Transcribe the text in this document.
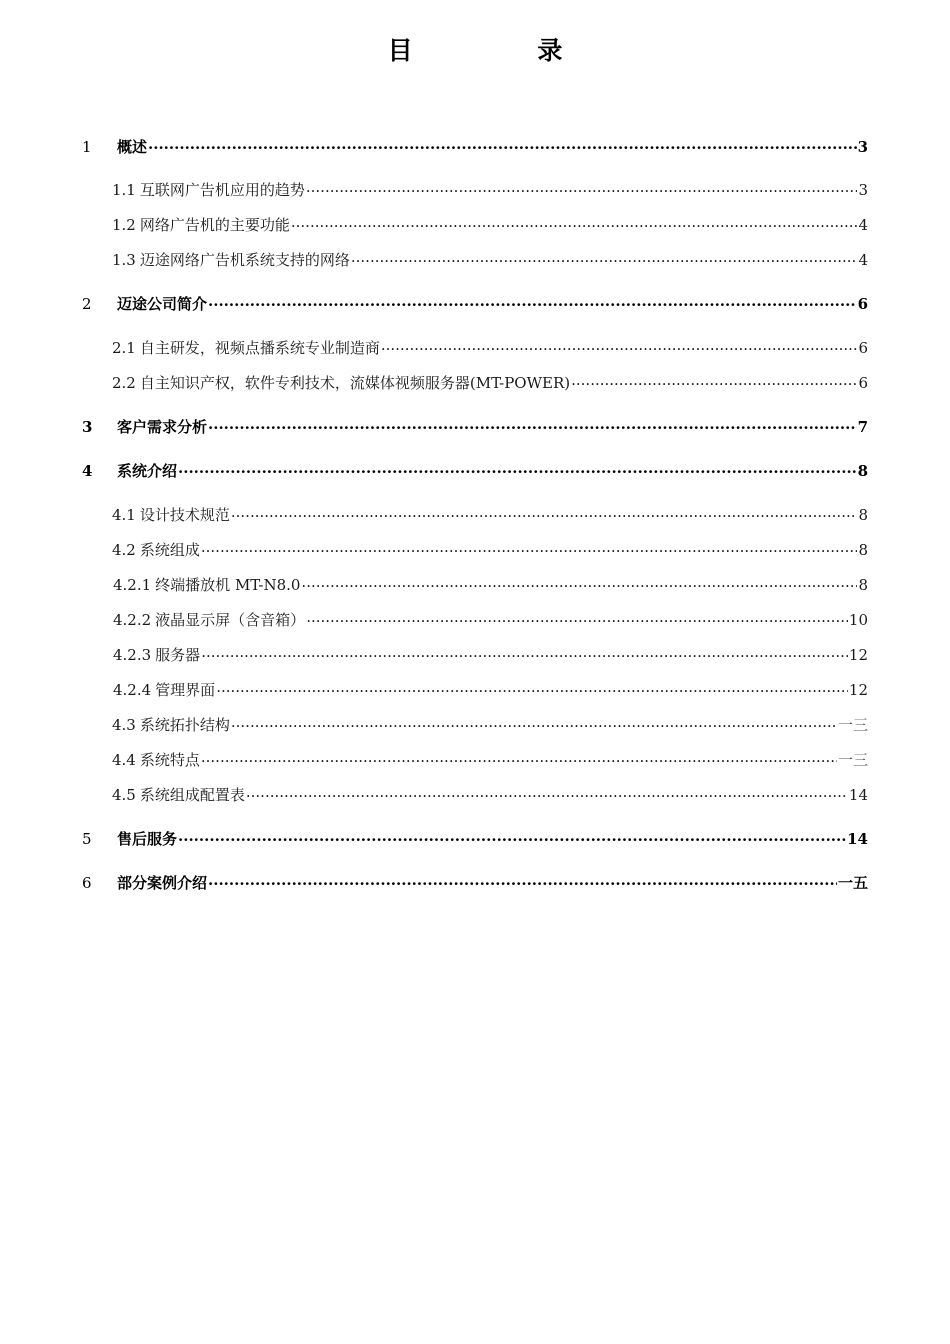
目 录
1	概述 .....	3
1.1 互联网广告机应用的趋势 .....	3
1.2 网络广告机的主要功能 .....	4
1.3 迈途网络广告机系统支持的网络 .....	4
2	迈途公司简介 .....	6
2.1 自主研发，视频点播系统专业制造商 .....	6
2.2 自主知识产权，软件专利技术，流媒体视频服务器(MT-POWER) .....	6
3	客户需求分析 .....	7
4	系统介绍 .....	8
4.1 设计技术规范 .....	8
4.2 系统组成 .....	8
4.2.1 终端播放机 MT-N8.0 .....	8
4.2.2 液晶显示屏（含音箱） .....	10
4.2.3 服务器 .....	12
4.2.4 管理界面 .....	12
4.3 系统拓扑结构 .....	一三
4.4 系统特点 .....	一三
4.5 系统组成配置表 .....	14
5	售后服务 .....	14
6	部分案例介绍 .....	一五
